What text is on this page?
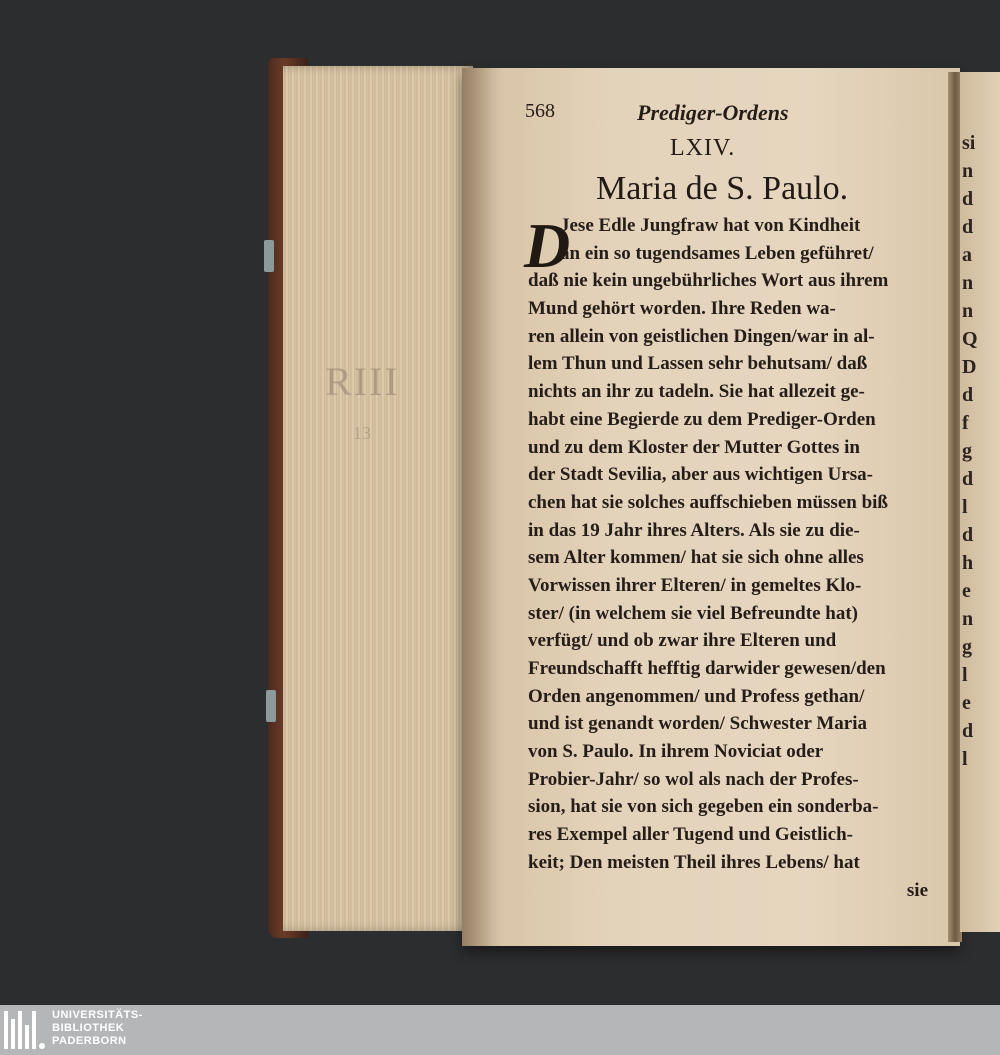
RIII
13
si
n
d
d
a
n
n
Q
D
d
f
g
d
l
d
h
e
n
g
l
e
d
l
568	Prediger-Ordens
LXIV.
Maria de S. Paulo.
D
Jese Edle Jungfraw hat von Kindheit
an ein so tugendsames Leben geführet/
daß nie kein ungebührliches Wort aus ihrem
Mund gehört worden. Ihre Reden wa-
ren allein von geistlichen Dingen/war in al-
lem Thun und Lassen sehr behutsam/ daß
nichts an ihr zu tadeln. Sie hat allezeit ge-
habt eine Begierde zu dem Prediger-Orden
und zu dem Kloster der Mutter Gottes in
der Stadt Sevilia, aber aus wichtigen Ursa-
chen hat sie solches auffschieben müssen biß
in das 19 Jahr ihres Alters. Als sie zu die-
sem Alter kommen/ hat sie sich ohne alles
Vorwissen ihrer Elteren/ in gemeltes Klo-
ster/ (in welchem sie viel Befreundte hat)
verfügt/ und ob zwar ihre Elteren und
Freundschafft hefftig darwider gewesen/den
Orden angenommen/ und Profess gethan/
und ist genandt worden/ Schwester Maria
von S. Paulo. In ihrem Noviciat oder
Probier-Jahr/ so wol als nach der Profes-
sion, hat sie von sich gegeben ein sonderba-
res Exempel aller Tugend und Geistlich-
keit; Den meisten Theil ihres Lebens/ hat
sie
UNIVERSITÄTS-
BIBLIOTHEK
PADERBORN
